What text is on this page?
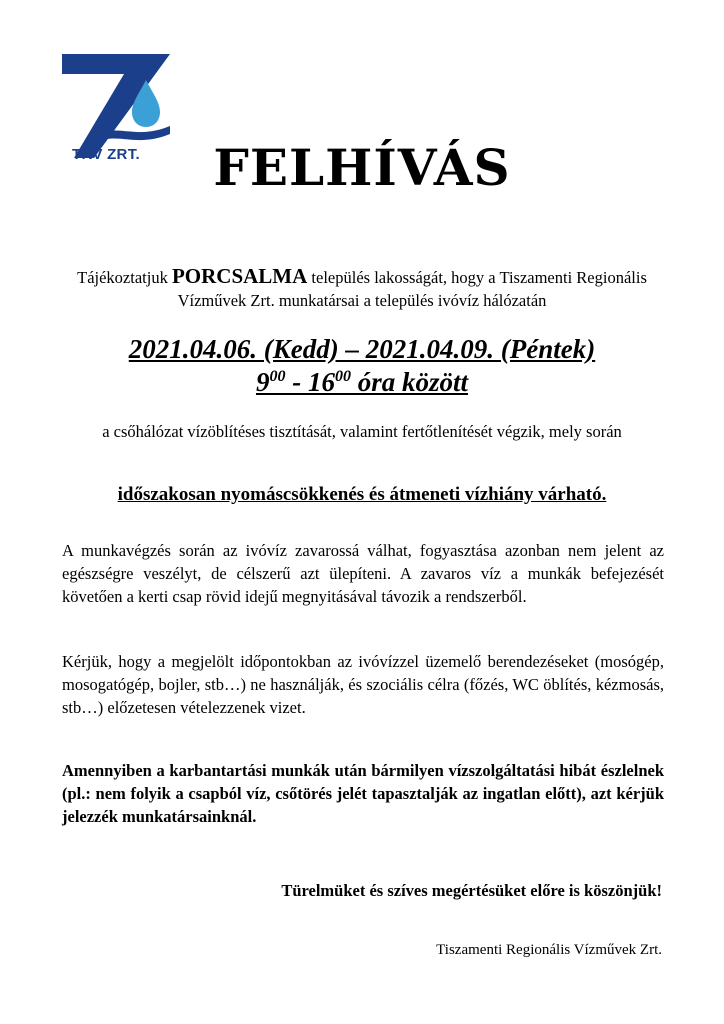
TRV ZRT.	FELHÍVÁS
Tájékoztatjuk PORCSALMA település lakosságát, hogy a Tiszamenti Regionális Vízművek Zrt. munkatársai a település ivóvíz hálózatán
2021.04.06. (Kedd) – 2021.04.09. (Péntek)
$9^{00} - 16^{00}$ óra között
a csőhálózat vízöblítéses tisztítását, valamint fertőtlenítését végzik, mely során
időszakosan nyomáscsökkenés és átmeneti vízhiány várható.
A munkavégzés során az ivóvíz zavarossá válhat, fogyasztása azonban nem jelent az egészségre veszélyt, de célszerű azt ülepíteni. A zavaros víz a munkák befejezését követően a kerti csap rövid idejű megnyitásával távozik a rendszerből.
Kérjük, hogy a megjelölt időpontokban az ivóvízzel üzemelő berendezéseket (mosógép, mosogatógép, bojler, stb…) ne használják, és szociális célra (főzés, WC öblítés, kézmosás, stb…) előzetesen vételezzenek vizet.
Amennyiben a karbantartási munkák után bármilyen vízszolgáltatási hibát észlelnek (pl.: nem folyik a csapból víz, csőtörés jelét tapasztalják az ingatlan előtt), azt kérjük jelezzék munkatársainknál.
Türelmüket és szíves megértésüket előre is köszönjük!
Tiszamenti Regionális Vízművek Zrt.
